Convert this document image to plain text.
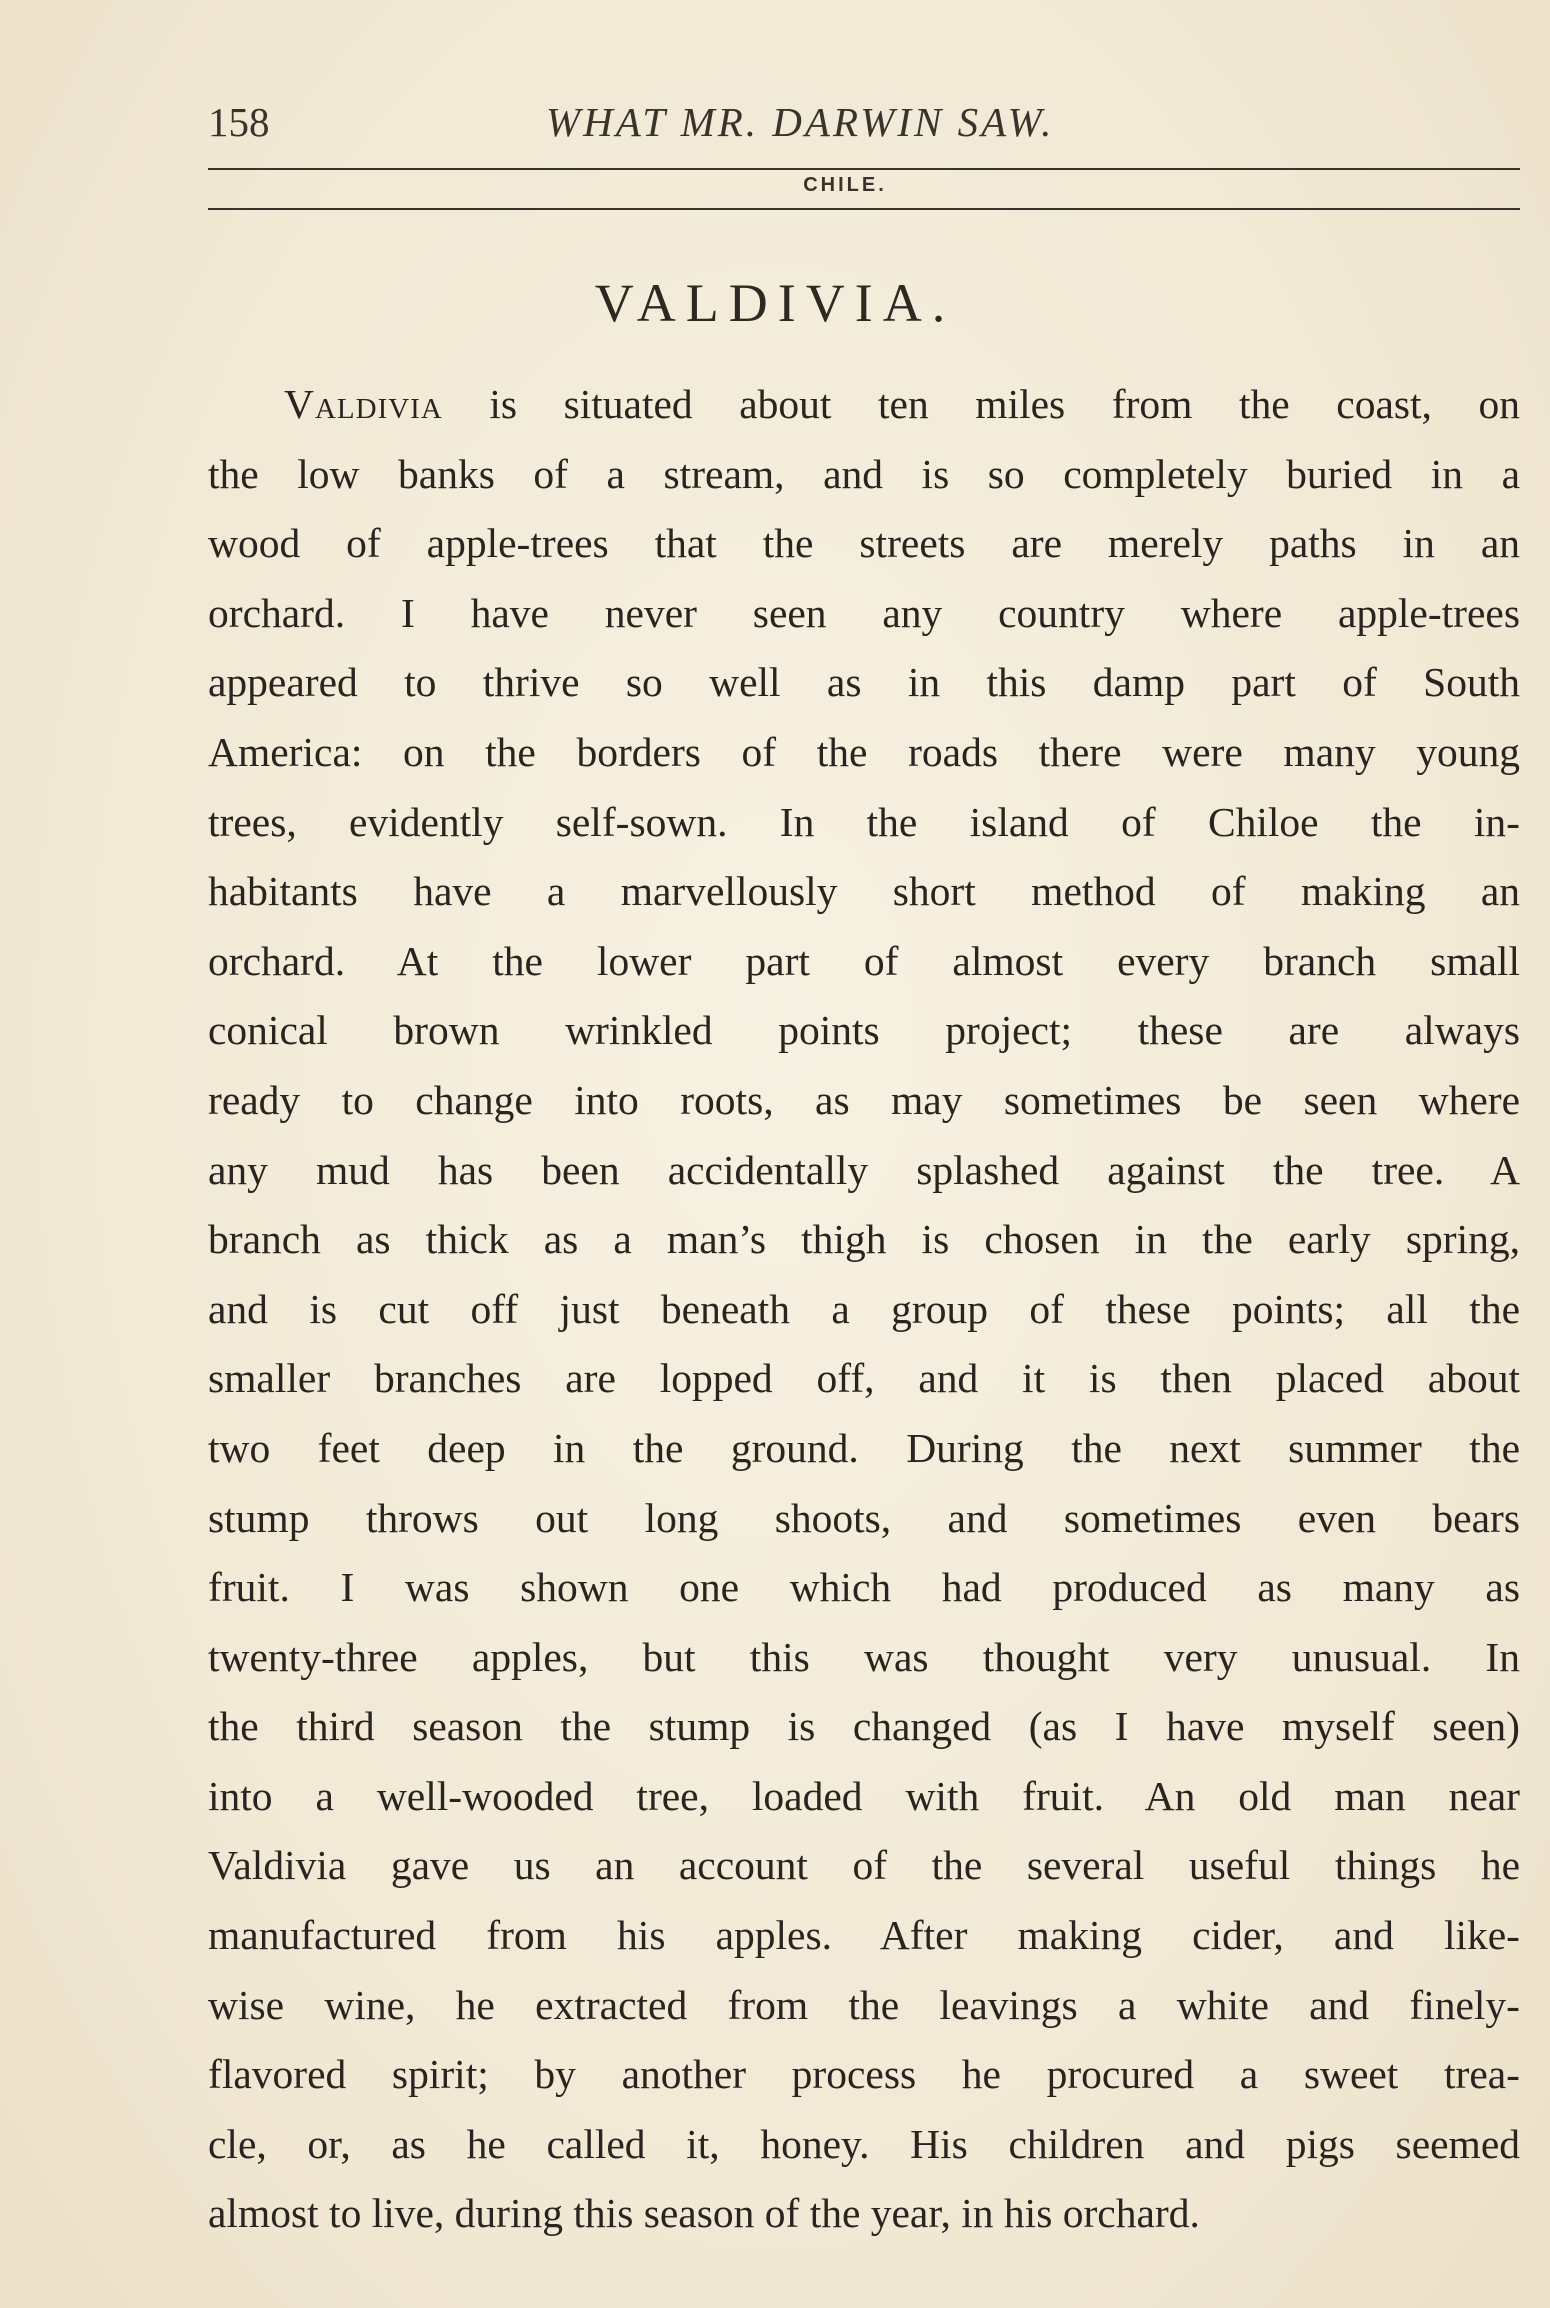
158	WHAT MR. DARWIN SAW.
CHILE.
VALDIVIA.
Valdivia is situated about ten miles from the coast, on
the low banks of a stream, and is so completely buried in a
wood of apple-trees that the streets are merely paths in an
orchard. I have never seen any country where apple-trees
appeared to thrive so well as in this damp part of South
America: on the borders of the roads there were many young
trees, evidently self-sown. In the island of Chiloe the in-
habitants have a marvellously short method of making an
orchard. At the lower part of almost every branch small
conical brown wrinkled points project; these are always
ready to change into roots, as may sometimes be seen where
any mud has been accidentally splashed against the tree. A
branch as thick as a man’s thigh is chosen in the early spring,
and is cut off just beneath a group of these points; all the
smaller branches are lopped off, and it is then placed about
two feet deep in the ground. During the next summer the
stump throws out long shoots, and sometimes even bears
fruit. I was shown one which had produced as many as
twenty-three apples, but this was thought very unusual. In
the third season the stump is changed (as I have myself seen)
into a well-wooded tree, loaded with fruit. An old man near
Valdivia gave us an account of the several useful things he
manufactured from his apples. After making cider, and like-
wise wine, he extracted from the leavings a white and finely-
flavored spirit; by another process he procured a sweet trea-
cle, or, as he called it, honey. His children and pigs seemed
almost to live, during this season of the year, in his orchard.
